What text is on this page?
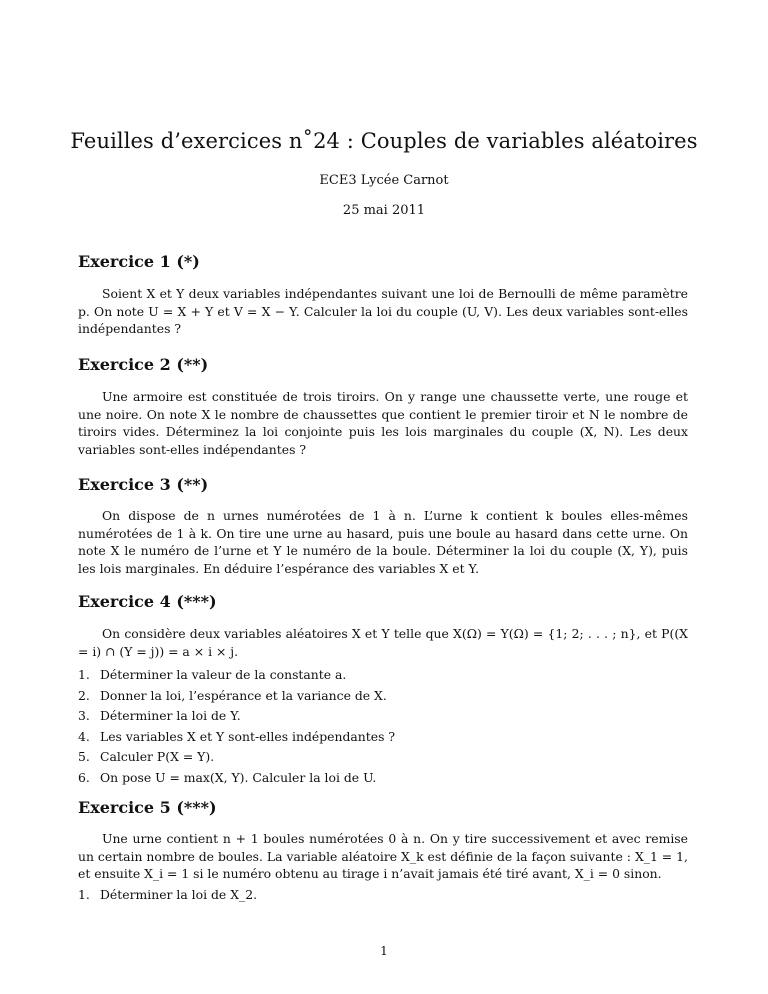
Feuilles d’exercices n˚24 : Couples de variables aléatoires
ECE3 Lycée Carnot
25 mai 2011
Exercice 1 (*)
Soient X et Y deux variables indépendantes suivant une loi de Bernoulli de même paramètre p. On note U = X + Y et V = X − Y. Calculer la loi du couple (U, V). Les deux variables sont-elles indépendantes ?
Exercice 2 (**)
Une armoire est constituée de trois tiroirs. On y range une chaussette verte, une rouge et une noire. On note X le nombre de chaussettes que contient le premier tiroir et N le nombre de tiroirs vides. Déterminez la loi conjointe puis les lois marginales du couple (X, N). Les deux variables sont-elles indépendantes ?
Exercice 3 (**)
On dispose de n urnes numérotées de 1 à n. L’urne k contient k boules elles-mêmes numérotées de 1 à k. On tire une urne au hasard, puis une boule au hasard dans cette urne. On note X le numéro de l’urne et Y le numéro de la boule. Déterminer la loi du couple (X, Y), puis les lois marginales. En déduire l’espérance des variables X et Y.
Exercice 4 (***)
On considère deux variables aléatoires X et Y telle que X(Ω) = Y(Ω) = {1; 2; . . . ; n}, et P((X = i) ∩ (Y = j)) = a × i × j.
1. Déterminer la valeur de la constante a.
2. Donner la loi, l’espérance et la variance de X.
3. Déterminer la loi de Y.
4. Les variables X et Y sont-elles indépendantes ?
5. Calculer P(X = Y).
6. On pose U = max(X, Y). Calculer la loi de U.
Exercice 5 (***)
Une urne contient n + 1 boules numérotées 0 à n. On y tire successivement et avec remise un certain nombre de boules. La variable aléatoire X_k est définie de la façon suivante : X_1 = 1, et ensuite X_i = 1 si le numéro obtenu au tirage i n’avait jamais été tiré avant, X_i = 0 sinon.
1. Déterminer la loi de X_2.
1
